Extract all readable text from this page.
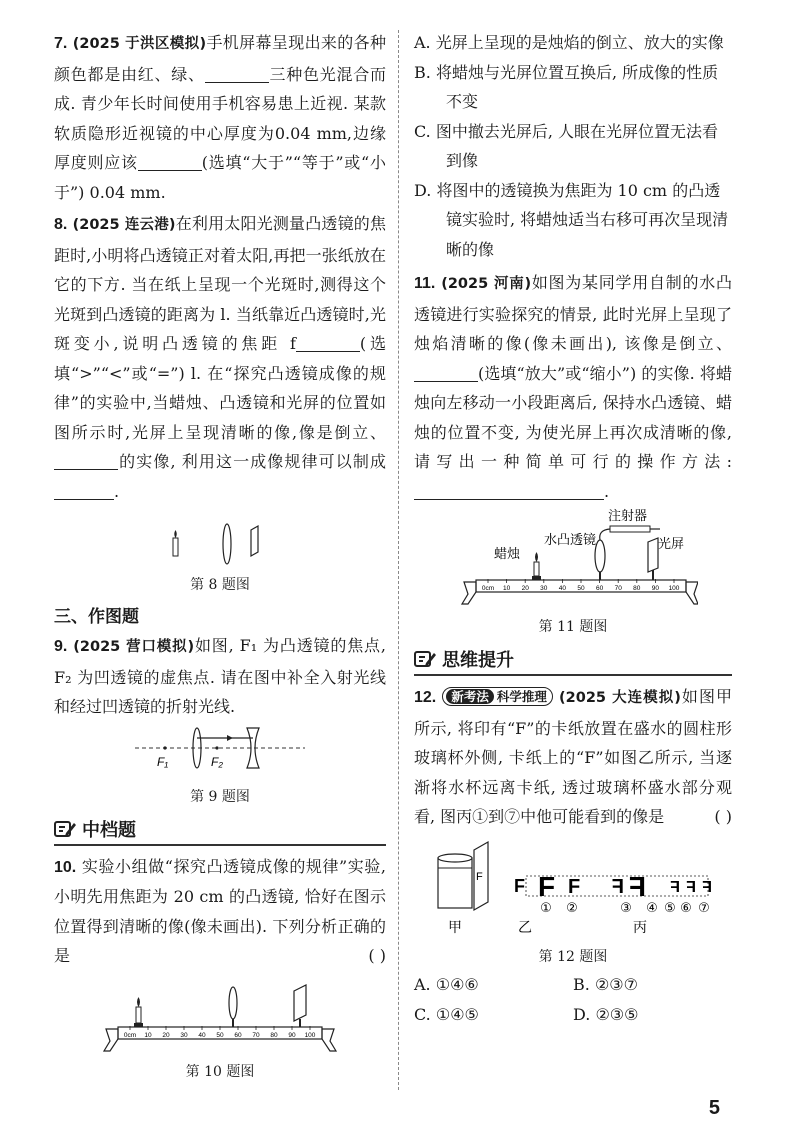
7. (2025 于洪区模拟)手机屏幕呈现出来的各种颜色都是由红、绿、	三种色光混合而成. 青少年长时间使用手机容易患上近视. 某款软质隐形近视镜的中心厚度为0.04 mm,边缘厚度则应该	(选填“大于”“等于”或“小于”) 0.04 mm.

8. (2025 连云港)在利用太阳光测量凸透镜的焦距时,小明将凸透镜正对着太阳,再把一张纸放在它的下方. 当在纸上呈现一个光斑时,测得这个光斑到凸透镜的距离为 l. 当纸靠近凸透镜时,光斑变小,说明凸透镜的焦距 f	(选填“>”“<”或“=”) l. 在“探究凸透镜成像的规律”的实验中,当蜡烛、凸透镜和光屏的位置如图所示时,光屏上呈现清晰的像,像是倒立、的实像, 利用这一成像规律可以制成.

第 8 题图

三、作图题

9. (2025 营口模拟)如图, F₁ 为凸透镜的焦点, F₂ 为凹透镜的虚焦点. 请在图中补全入射光线和经过凹透镜的折射光线.

F₁	F₂

第 9 题图

中档题

10. 实验小组做“探究凸透镜成像的规律”实验, 小明先用焦距为 20 cm 的凸透镜, 恰好在图示位置得到清晰的像(像未画出). 下列分析正确的是	( )

0cm 10 20 30 40 50 60 70 80 90 100

第 10 题图

A. 光屏上呈现的是烛焰的倒立、放大的实像
B. 将蜡烛与光屏位置互换后, 所成像的性质不变
C. 图中撤去光屏后, 人眼在光屏位置无法看到像
D. 将图中的透镜换为焦距为 10 cm 的凸透镜实验时, 将蜡烛适当右移可再次呈现清晰的像

11. (2025 河南)如图为某同学用自制的水凸透镜进行实验探究的情景, 此时光屏上呈现了烛焰清晰的像(像未画出), 该像是倒立、(选填“放大”或“缩小”) 的实像. 将蜡烛向左移动一小段距离后, 保持水凸透镜、蜡烛的位置不变, 为使光屏上再次成清晰的像, 请写出一种简单可行的操作方法:.

注射器
水凸透镜
蜡烛
光屏
0cm 10 20 30 40 50 60 70 80 90 100

第 11 题图

思维提升

12. 新考法 科学推理 (2025 大连模拟)如图甲所示, 将印有“F”的卡纸放置在盛水的圆柱形玻璃杯外侧, 卡纸上的“F”如图乙所示, 当逐渐将水杯远离卡纸, 透过玻璃杯盛水部分观看, 图丙①到⑦中他可能看到的像是	( )

F
甲	乙	丙
F F F F F F F F
① ②	③ ④ ⑤ ⑥ ⑦

第 12 题图

A. ①④⑥	B. ②③⑦
C. ①④⑤	D. ②③⑤
5
